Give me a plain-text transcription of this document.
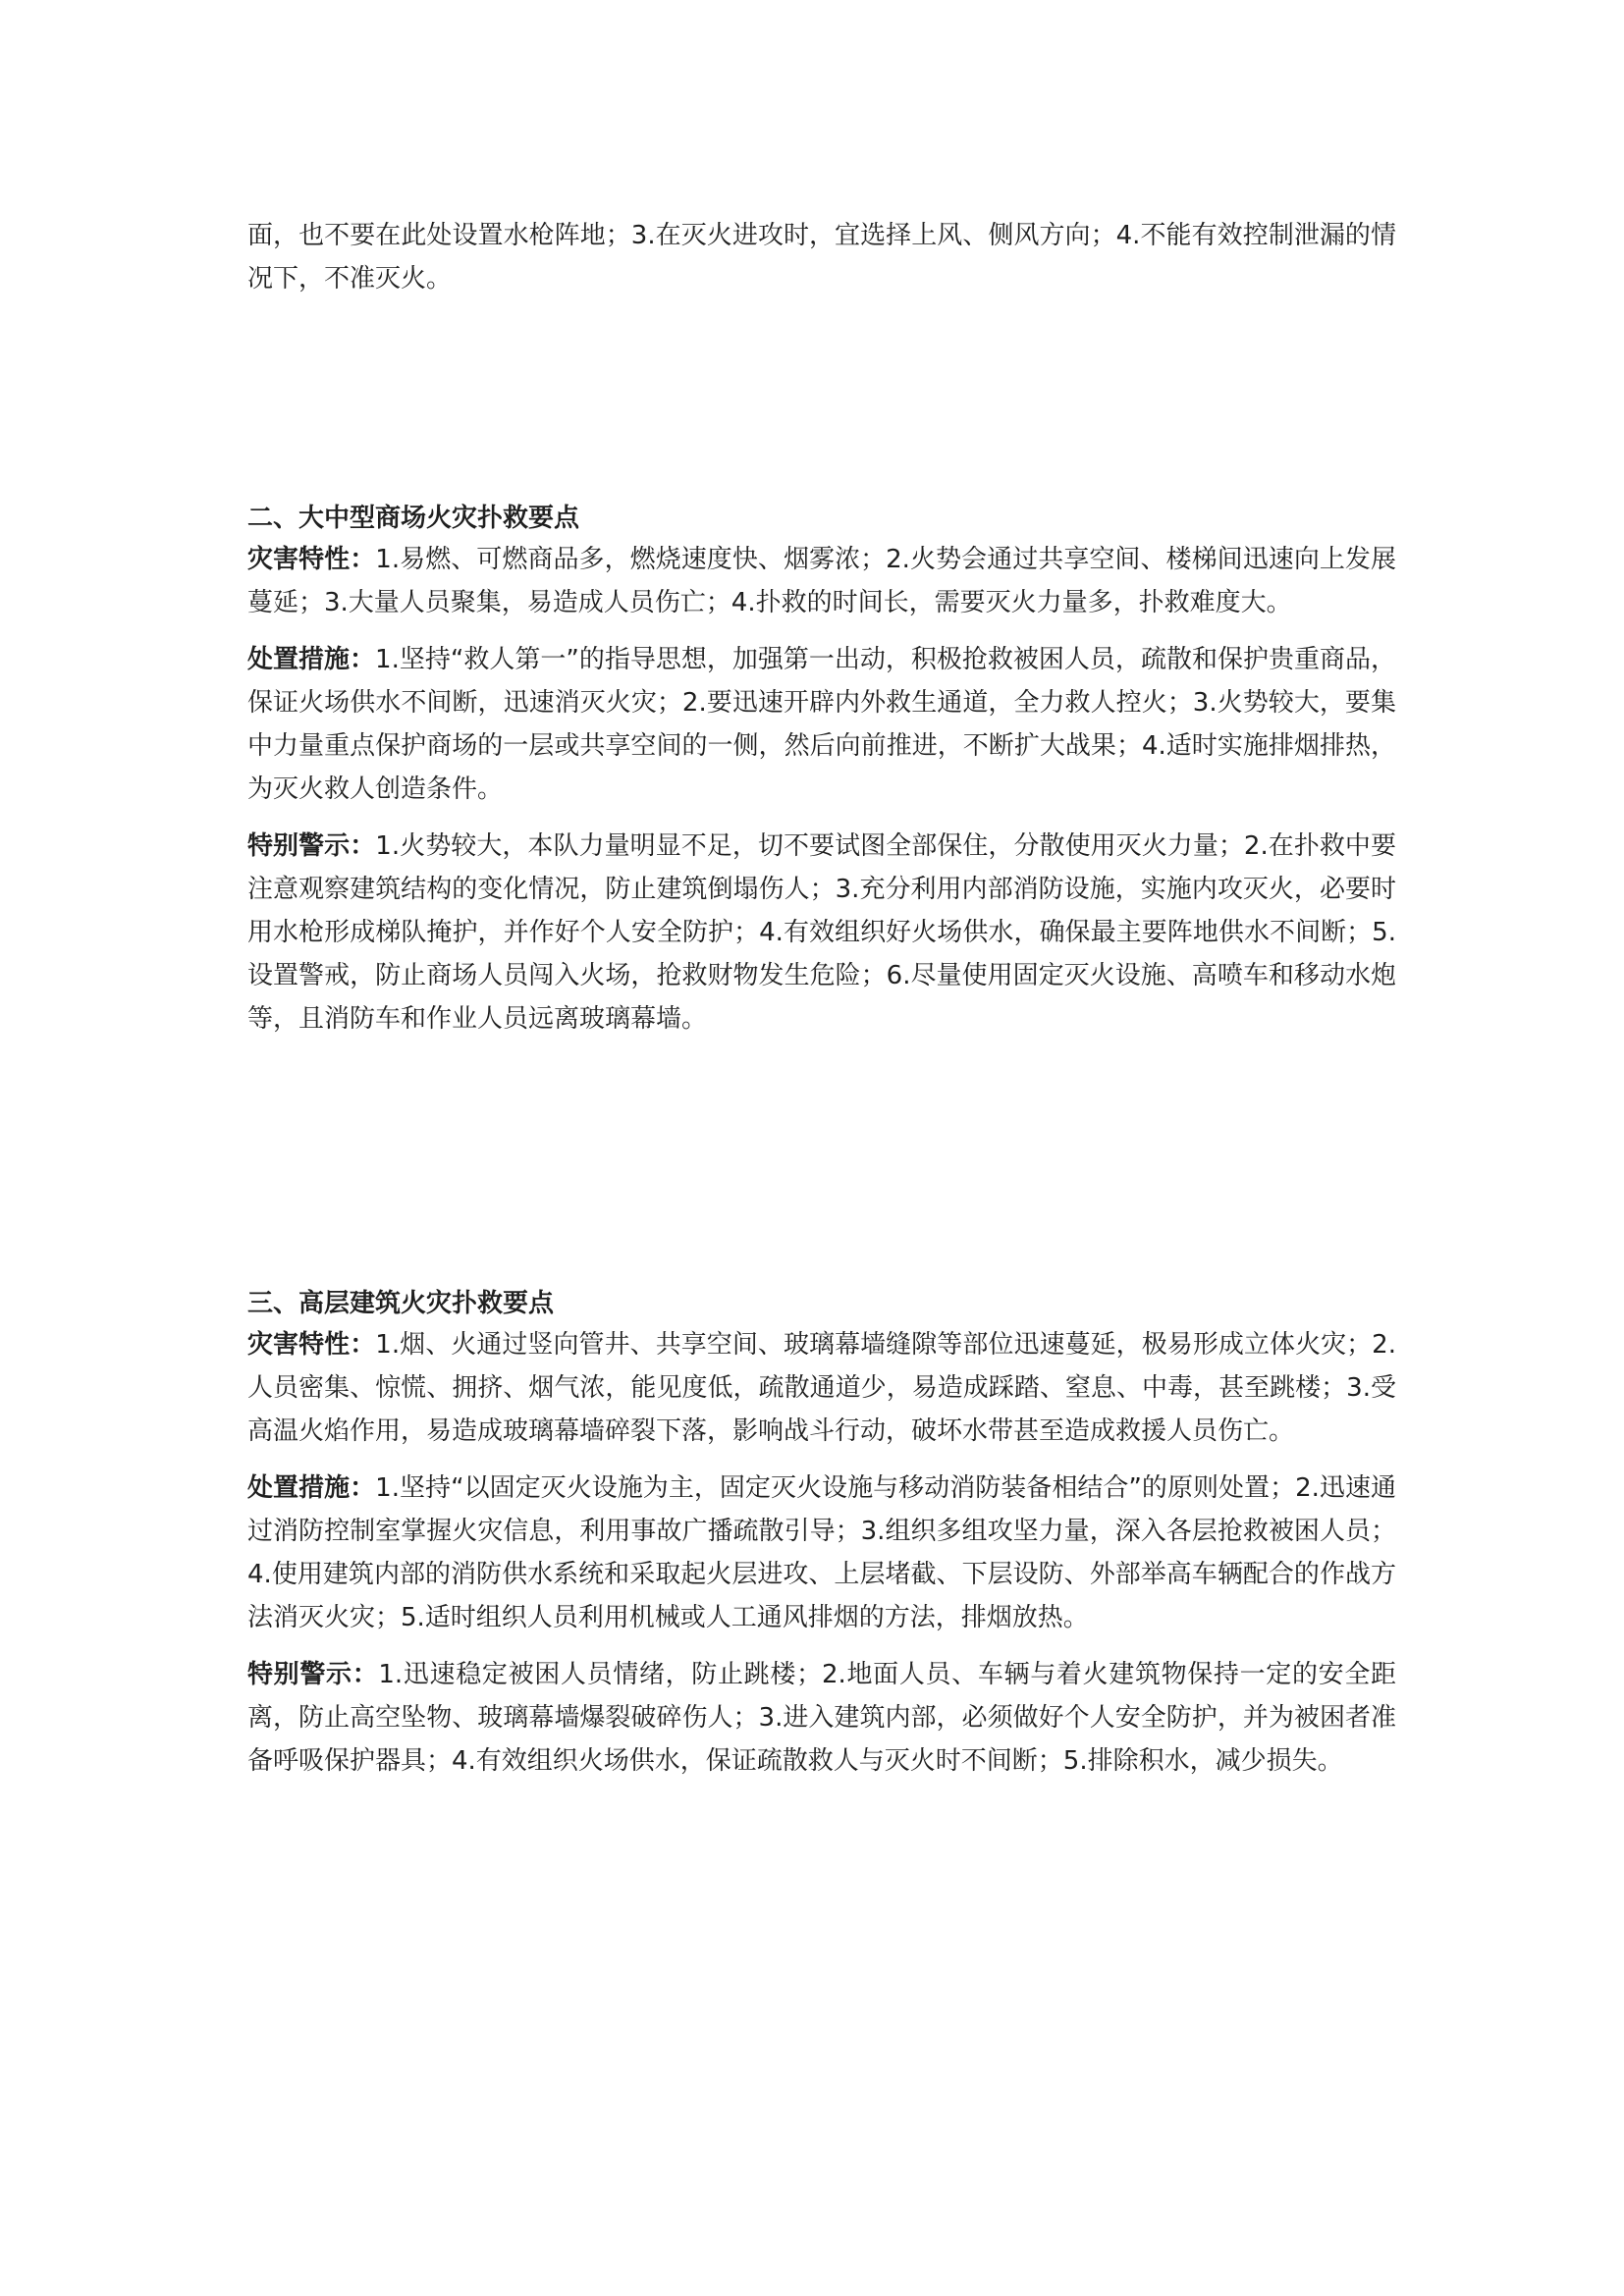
面，也不要在此处设置水枪阵地；3.在灭火进攻时，宜选择上风、侧风方向；4.不能有效控制泄漏的情况下，不准灭火。

二、大中型商场火灾扑救要点

灾害特性：1.易燃、可燃商品多，燃烧速度快、烟雾浓；2.火势会通过共享空间、楼梯间迅速向上发展蔓延；3.大量人员聚集，易造成人员伤亡；4.扑救的时间长，需要灭火力量多，扑救难度大。

处置措施：1.坚持“救人第一”的指导思想，加强第一出动，积极抢救被困人员，疏散和保护贵重商品，保证火场供水不间断，迅速消灭火灾；2.要迅速开辟内外救生通道，全力救人控火；3.火势较大，要集中力量重点保护商场的一层或共享空间的一侧，然后向前推进，不断扩大战果；4.适时实施排烟排热，为灭火救人创造条件。

特别警示：1.火势较大，本队力量明显不足，切不要试图全部保住，分散使用灭火力量；2.在扑救中要注意观察建筑结构的变化情况，防止建筑倒塌伤人；3.充分利用内部消防设施，实施内攻灭火，必要时用水枪形成梯队掩护，并作好个人安全防护；4.有效组织好火场供水，确保最主要阵地供水不间断；5.设置警戒，防止商场人员闯入火场，抢救财物发生危险；6.尽量使用固定灭火设施、高喷车和移动水炮等，且消防车和作业人员远离玻璃幕墙。

三、高层建筑火灾扑救要点

灾害特性：1.烟、火通过竖向管井、共享空间、玻璃幕墙缝隙等部位迅速蔓延，极易形成立体火灾；2.人员密集、惊慌、拥挤、烟气浓，能见度低，疏散通道少，易造成踩踏、窒息、中毒，甚至跳楼；3.受高温火焰作用，易造成玻璃幕墙碎裂下落，影响战斗行动，破坏水带甚至造成救援人员伤亡。

处置措施：1.坚持“以固定灭火设施为主，固定灭火设施与移动消防装备相结合”的原则处置；2.迅速通过消防控制室掌握火灾信息，利用事故广播疏散引导；3.组织多组攻坚力量，深入各层抢救被困人员；4.使用建筑内部的消防供水系统和采取起火层进攻、上层堵截、下层设防、外部举高车辆配合的作战方法消灭火灾；5.适时组织人员利用机械或人工通风排烟的方法，排烟放热。

特别警示：1.迅速稳定被困人员情绪，防止跳楼；2.地面人员、车辆与着火建筑物保持一定的安全距离，防止高空坠物、玻璃幕墙爆裂破碎伤人；3.进入建筑内部，必须做好个人安全防护，并为被困者准备呼吸保护器具；4.有效组织火场供水，保证疏散救人与灭火时不间断；5.排除积水，减少损失。
